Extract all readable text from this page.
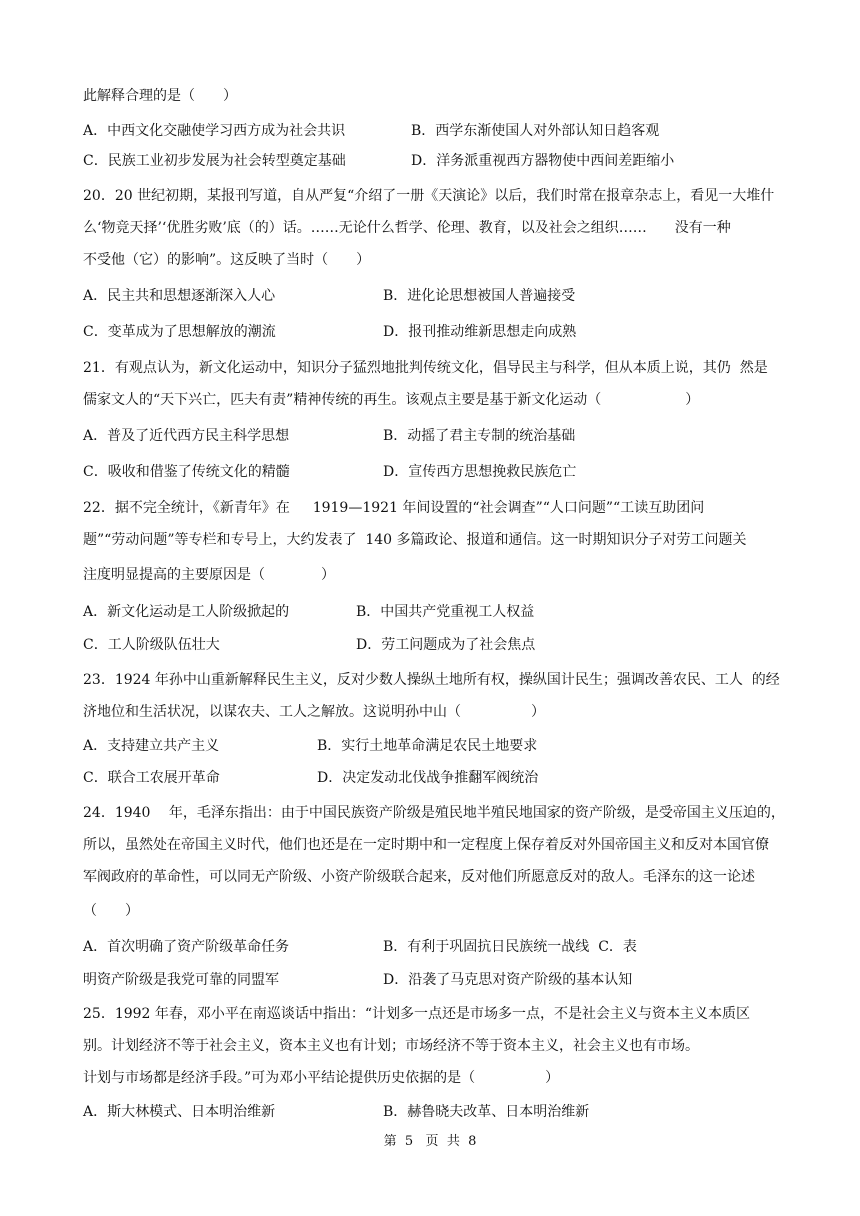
此解释合理的是（　　）
A．中西文化交融使学习西方成为社会共识	B．西学东渐使国人对外部认知日趋客观
C．民族工业初步发展为社会转型奠定基础	D．洋务派重视西方器物使中西间差距缩小
20．20 世纪初期，某报刊写道，自从严复“介绍了一册《天演论》以后，我们时常在报章杂志上，看见一大堆什
么‘物竞天择’‘优胜劣败’底（的）话。……无论什么哲学、伦理、教育，以及社会之组织……　　没有一种
不受他（它）的影响”。这反映了当时（　　）
A．民主共和思想逐渐深入人心	B．进化论思想被国人普遍接受
C．变革成为了思想解放的潮流	D．报刊推动维新思想走向成熟
21．有观点认为，新文化运动中，知识分子猛烈地批判传统文化，倡导民主与科学，但从本质上说，其仍  然是
儒家文人的“天下兴亡，匹夫有责”精神传统的再生。该观点主要是基于新文化运动（　　　　　　）
A．普及了近代西方民主科学思想	B．动摇了君主专制的统治基础
C．吸收和借鉴了传统文化的精髓	D．宣传西方思想挽救民族危亡
22．据不完全统计，《新青年》在　  1919—1921 年间设置的“社会调查”“人口问题”“工读互助团问
题”“劳动问题”等专栏和专号上，大约发表了  140 多篇政论、报道和通信。这一时期知识分子对劳工问题关
注度明显提高的主要原因是（　　　　）
A．新文化运动是工人阶级掀起的	B．中国共产党重视工人权益
C．工人阶级队伍壮大	D．劳工问题成为了社会焦点
23．1924 年孙中山重新解释民生主义，反对少数人操纵土地所有权，操纵国计民生；强调改善农民、工人  的经
济地位和生活状况，以谋农夫、工人之解放。这说明孙中山（　　　　　）
A．支持建立共产主义	B．实行土地革命满足农民土地要求
C．联合工农展开革命	D．决定发动北伐战争推翻军阀统治
24．1940　 年，毛泽东指出：由于中国民族资产阶级是殖民地半殖民地国家的资产阶级，是受帝国主义压迫的，
所以，虽然处在帝国主义时代，他们也还是在一定时期中和一定程度上保存着反对外国帝国主义和反对本国官僚
军阀政府的革命性，可以同无产阶级、小资产阶级联合起来，反对他们所愿意反对的敌人。毛泽东的这一论述
（　　）
A．首次明确了资产阶级革命任务	B．有利于巩固抗日民族统一战线  C．表
明资产阶级是我党可靠的同盟军	D．沿袭了马克思对资产阶级的基本认知
25．1992 年春，邓小平在南巡谈话中指出：“计划多一点还是市场多一点，不是社会主义与资本主义本质区
别。计划经济不等于社会主义，资本主义也有计划；市场经济不等于资本主义，社会主义也有市场。
计划与市场都是经济手段。”可为邓小平结论提供历史依据的是（　　　　　）
A．斯大林模式、日本明治维新	B．赫鲁晓夫改革、日本明治维新
第  5   页  共  8
